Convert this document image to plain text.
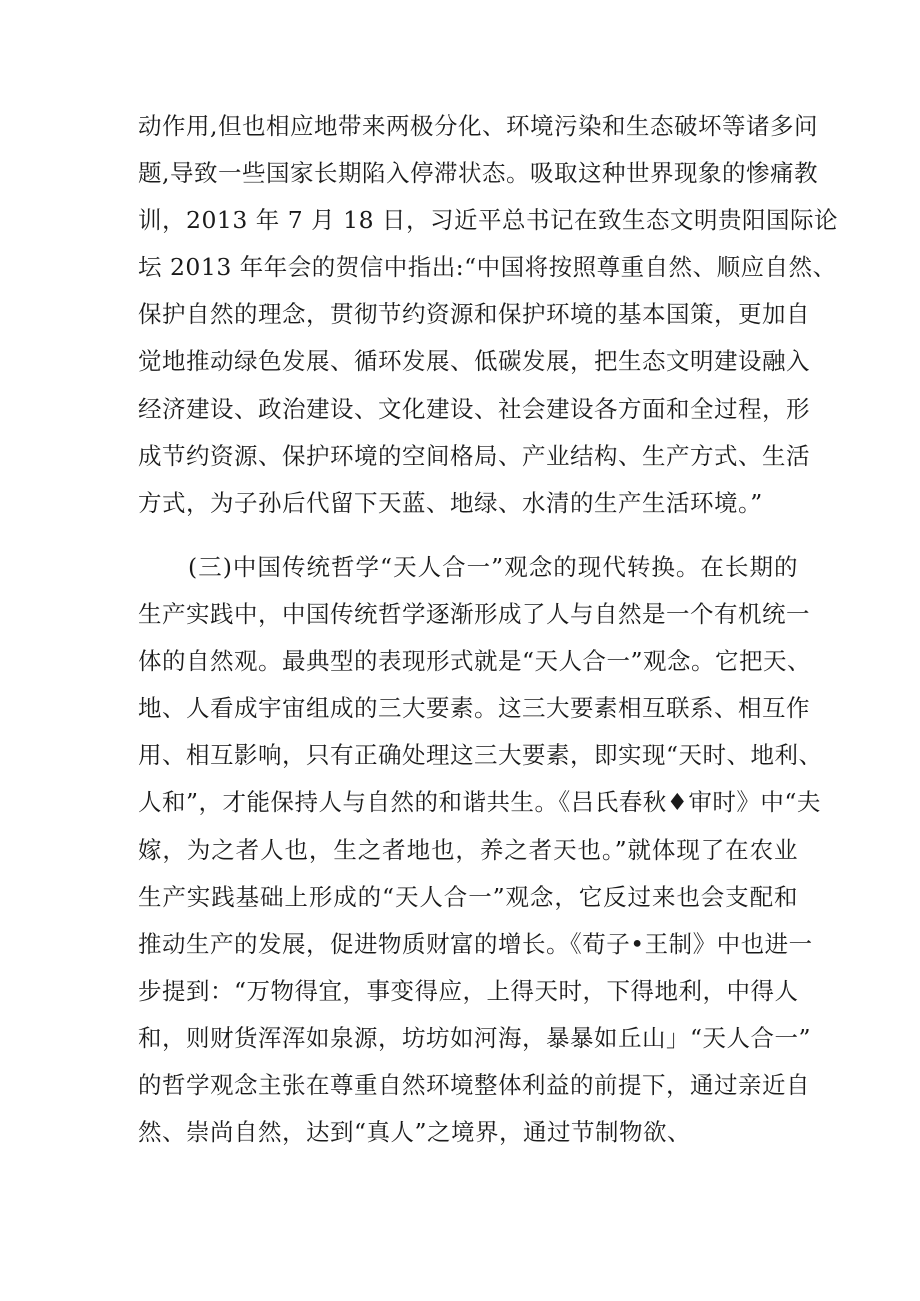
动作用,但也相应地带来两极分化、环境污染和生态破坏等诸多问
题,导致一些国家长期陷入停滞状态。吸取这种世界现象的惨痛教
训，2013 年 7 月 18 日，习近平总书记在致生态文明贵阳国际论
坛 2013 年年会的贺信中指出:“中国将按照尊重自然、顺应自然、
保护自然的理念，贯彻节约资源和保护环境的基本国策，更加自
觉地推动绿色发展、循环发展、低碳发展，把生态文明建设融入
经济建设、政治建设、文化建设、社会建设各方面和全过程，形
成节约资源、保护环境的空间格局、产业结构、生产方式、生活
方式，为子孙后代留下天蓝、地绿、水清的生产生活环境。”
(三)中国传统哲学“天人合一”观念的现代转换。在长期的
生产实践中，中国传统哲学逐渐形成了人与自然是一个有机统一
体的自然观。最典型的表现形式就是“天人合一”观念。它把天、
地、人看成宇宙组成的三大要素。这三大要素相互联系、相互作
用、相互影响，只有正确处理这三大要素，即实现“天时、地利、
人和”，才能保持人与自然的和谐共生。《吕氏春秋♦审时》中“夫
嫁，为之者人也，生之者地也，养之者天也。”就体现了在农业
生产实践基础上形成的“天人合一”观念，它反过来也会支配和
推动生产的发展，促进物质财富的增长。《荀子•王制》中也进一
步提到：“万物得宜，事变得应，上得天时，下得地利，中得人
和，则财货浑浑如泉源，坊坊如河海，暴暴如丘山」“天人合一”
的哲学观念主张在尊重自然环境整体利益的前提下，通过亲近自
然、崇尚自然，达到“真人”之境界，通过节制物欲、
